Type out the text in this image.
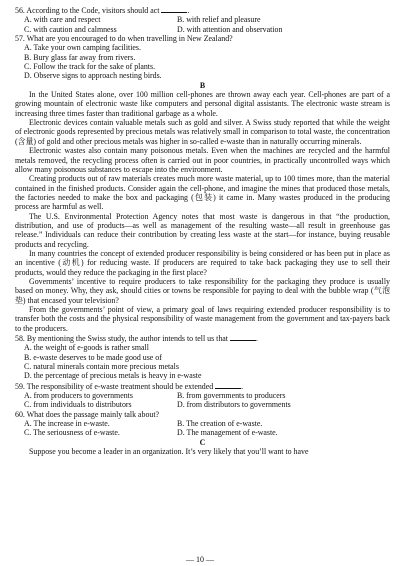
56. According to the Code, visitors should act	.
A. with care and respect	B. with relief and pleasure
C. with caution and calmness	D. with attention and observation
57. What are you encouraged to do when travelling in New Zealand?
A. Take your own camping facilities.
B. Bury glass far away from rivers.
C. Follow the track for the sake of plants.
D. Observe signs to approach nesting birds.
B

In the United States alone, over 100 million cell-phones are thrown away each year. Cell-phones are part of a growing mountain of electronic waste like computers and personal digital assistants. The electronic waste stream is increasing three times faster than traditional garbage as a whole.

Electronic devices contain valuable metals such as gold and silver. A Swiss study reported that while the weight of electronic goods represented by precious metals was relatively small in comparison to total waste, the concentration (含量) of gold and other precious metals was higher in so-called e-waste than in naturally occurring minerals.

Electronic wastes also contain many poisonous metals. Even when the machines are recycled and the harmful metals removed, the recycling process often is carried out in poor countries, in practically uncontrolled ways which allow many poisonous substances to escape into the environment.

Creating products out of raw materials creates much more waste material, up to 100 times more, than the material contained in the finished products. Consider again the cell-phone, and imagine the mines that produced those metals, the factories needed to make the box and packaging (包装) it came in. Many wastes produced in the producing process are harmful as well.

The U.S. Environmental Protection Agency notes that most waste is dangerous in that “the production, distribution, and use of products—as well as management of the resulting waste—all result in greenhouse gas release.” Individuals can reduce their contribution by creating less waste at the start—for instance, buying reusable products and recycling.

In many countries the concept of extended producer responsibility is being considered or has been put in place as an incentive (动机) for reducing waste. If producers are required to take back packaging they use to sell their products, would they reduce the packaging in the first place?

Governments’ incentive to require producers to take responsibility for the packaging they produce is usually based on money. Why, they ask, should cities or towns be responsible for paying to deal with the bubble wrap (气泡垫) that encased your television?

From the governments’ point of view, a primary goal of laws requiring extended producer responsibility is to transfer both the costs and the physical responsibility of waste management from the government and tax-payers back to the producers.

58. By mentioning the Swiss study, the author intends to tell us that	.
A. the weight of e-goods is rather small
B. e-waste deserves to be made good use of
C. natural minerals contain more precious metals
D. the percentage of precious metals is heavy in e-waste
59. The responsibility of e-waste treatment should be extended	.
A. from producers to governments	B. from governments to producers
C. from individuals to distributors	D. from distributors to governments
60. What does the passage mainly talk about?
A. The increase in e-waste.	B. The creation of e-waste.
C. The seriousness of e-waste.	D. The management of e-waste.
C

Suppose you become a leader in an organization. It’s very likely that you’ll want to have

— 10 —
